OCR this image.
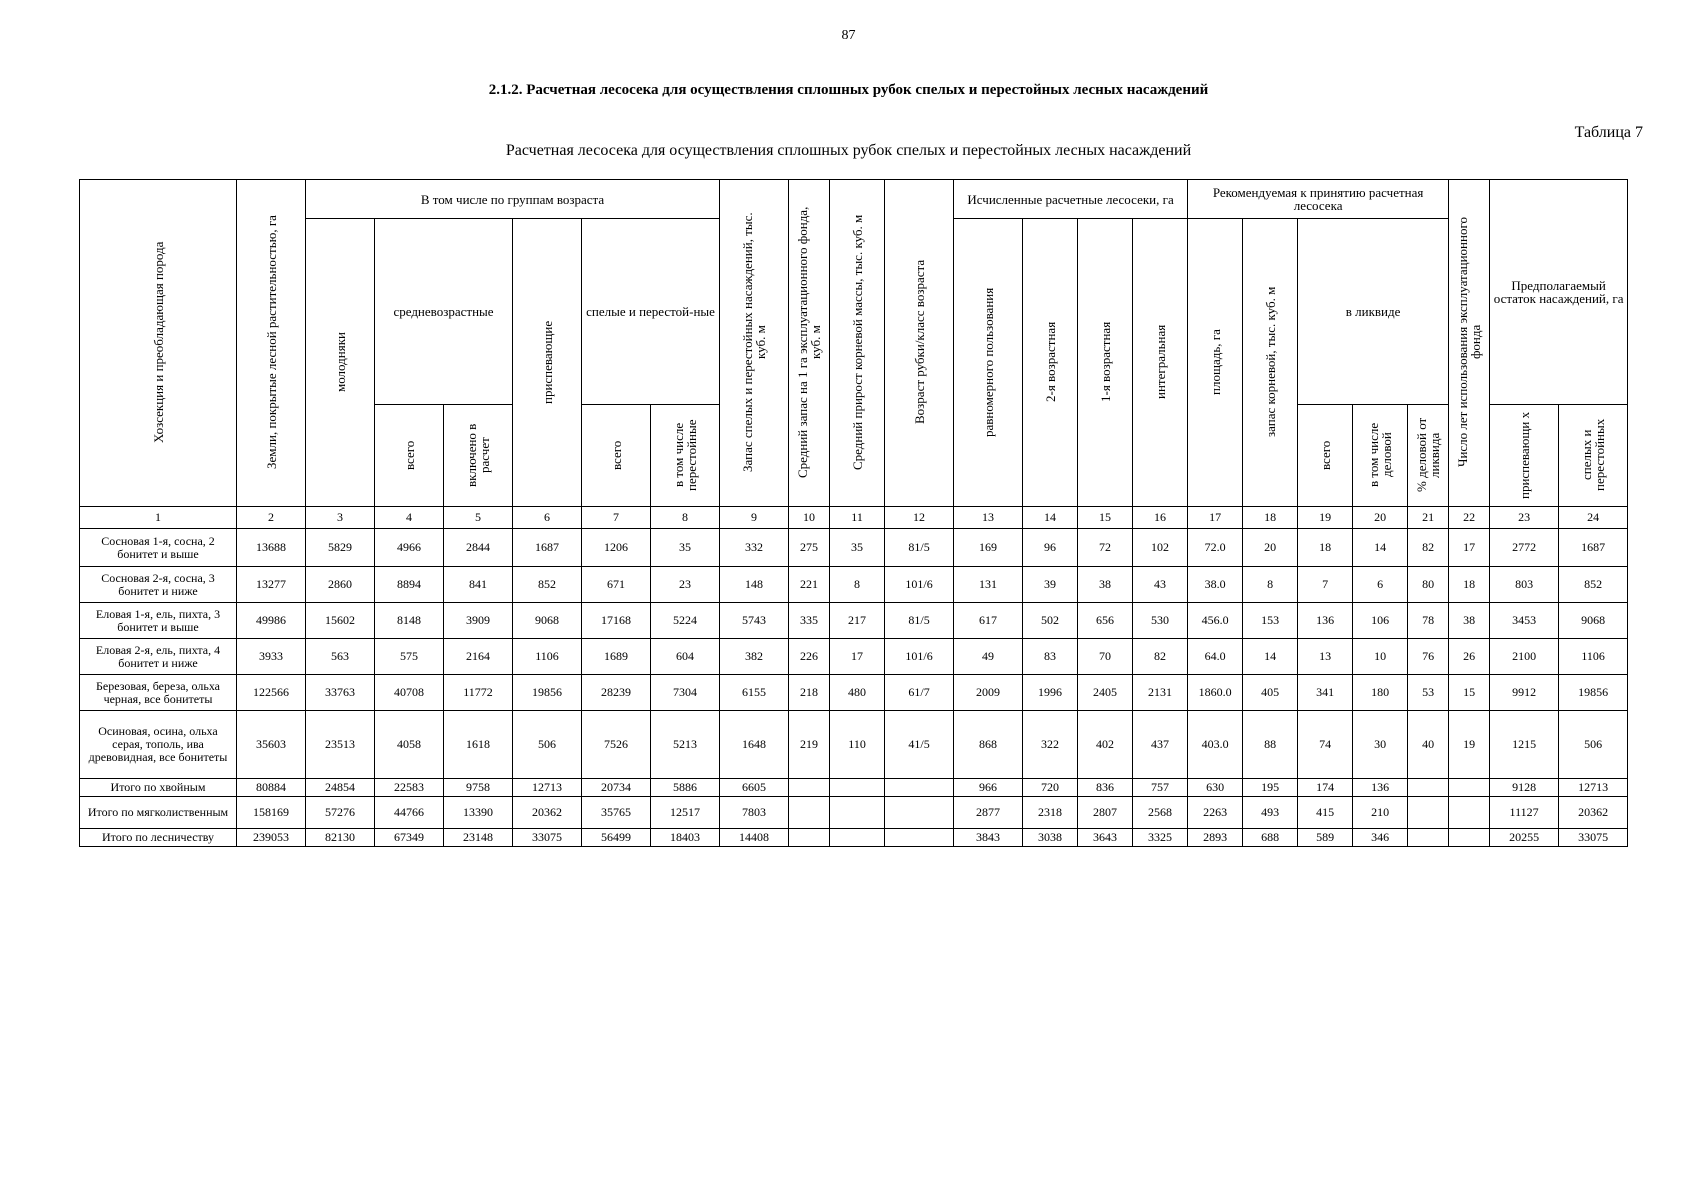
87
2.1.2. Расчетная лесосека для осуществления сплошных рубок спелых и перестойных лесных насаждений
Таблица 7
Расчетная лесосека для осуществления сплошных рубок спелых и перестойных лесных насаждений
Хозсекция и преобладающая порода	Земли, покрытые лесной растительностью, га	В том числе по группам возраста						Запас спелых и перестойных насаждений, тыс. куб. м	Средний запас на 1 га эксплуатационного фонда, куб. м	Средний прирост корневой массы, тыс. куб. м	Возраст рубки/класс возраста	Исчисленные расчетные лесосеки, га				Рекомендуемая к принятию расчетная лесосека					Число лет использования эксплуатационного фонда	Предполагаемый остаток насаждений, га	
		молодняки	средневозрастные		приспевающие	спелые и перестой-ные						равномерного пользования	2-я возрастная	1-я возрастная	интегральная	площадь, га	запас корневой, тыс. куб. м	в ликвиде					
			всего	включено в расчет		всего	в том числе перестойные											всего	в том числе деловой	% деловой от ликвида		приспевающи х	спелых и перестойных
1	2	3	4	5	6	7	8	9	10	11	12	13	14	15	16	17	18	19	20	21	22	23	24
Сосновая 1-я, сосна, 2 бонитет и выше	13688	5829	4966	2844	1687	1206	35	332	275	35	81/5	169	96	72	102	72.0	20	18	14	82	17	2772	1687
Сосновая 2-я, сосна, 3 бонитет и ниже	13277	2860	8894	841	852	671	23	148	221	8	101/6	131	39	38	43	38.0	8	7	6	80	18	803	852
Еловая 1-я, ель, пихта, 3 бонитет и выше	49986	15602	8148	3909	9068	17168	5224	5743	335	217	81/5	617	502	656	530	456.0	153	136	106	78	38	3453	9068
Еловая 2-я, ель, пихта, 4 бонитет и ниже	3933	563	575	2164	1106	1689	604	382	226	17	101/6	49	83	70	82	64.0	14	13	10	76	26	2100	1106
Березовая, береза, ольха черная, все бонитеты	122566	33763	40708	11772	19856	28239	7304	6155	218	480	61/7	2009	1996	2405	2131	1860.0	405	341	180	53	15	9912	19856
Осиновая, осина, ольха серая, тополь, ива древовидная, все бонитеты	35603	23513	4058	1618	506	7526	5213	1648	219	110	41/5	868	322	402	437	403.0	88	74	30	40	19	1215	506
Итого по хвойным	80884	24854	22583	9758	12713	20734	5886	6605				966	720	836	757	630	195	174	136			9128	12713
Итого по мягколиственным	158169	57276	44766	13390	20362	35765	12517	7803				2877	2318	2807	2568	2263	493	415	210			11127	20362
Итого по лесничеству	239053	82130	67349	23148	33075	56499	18403	14408				3843	3038	3643	3325	2893	688	589	346			20255	33075
